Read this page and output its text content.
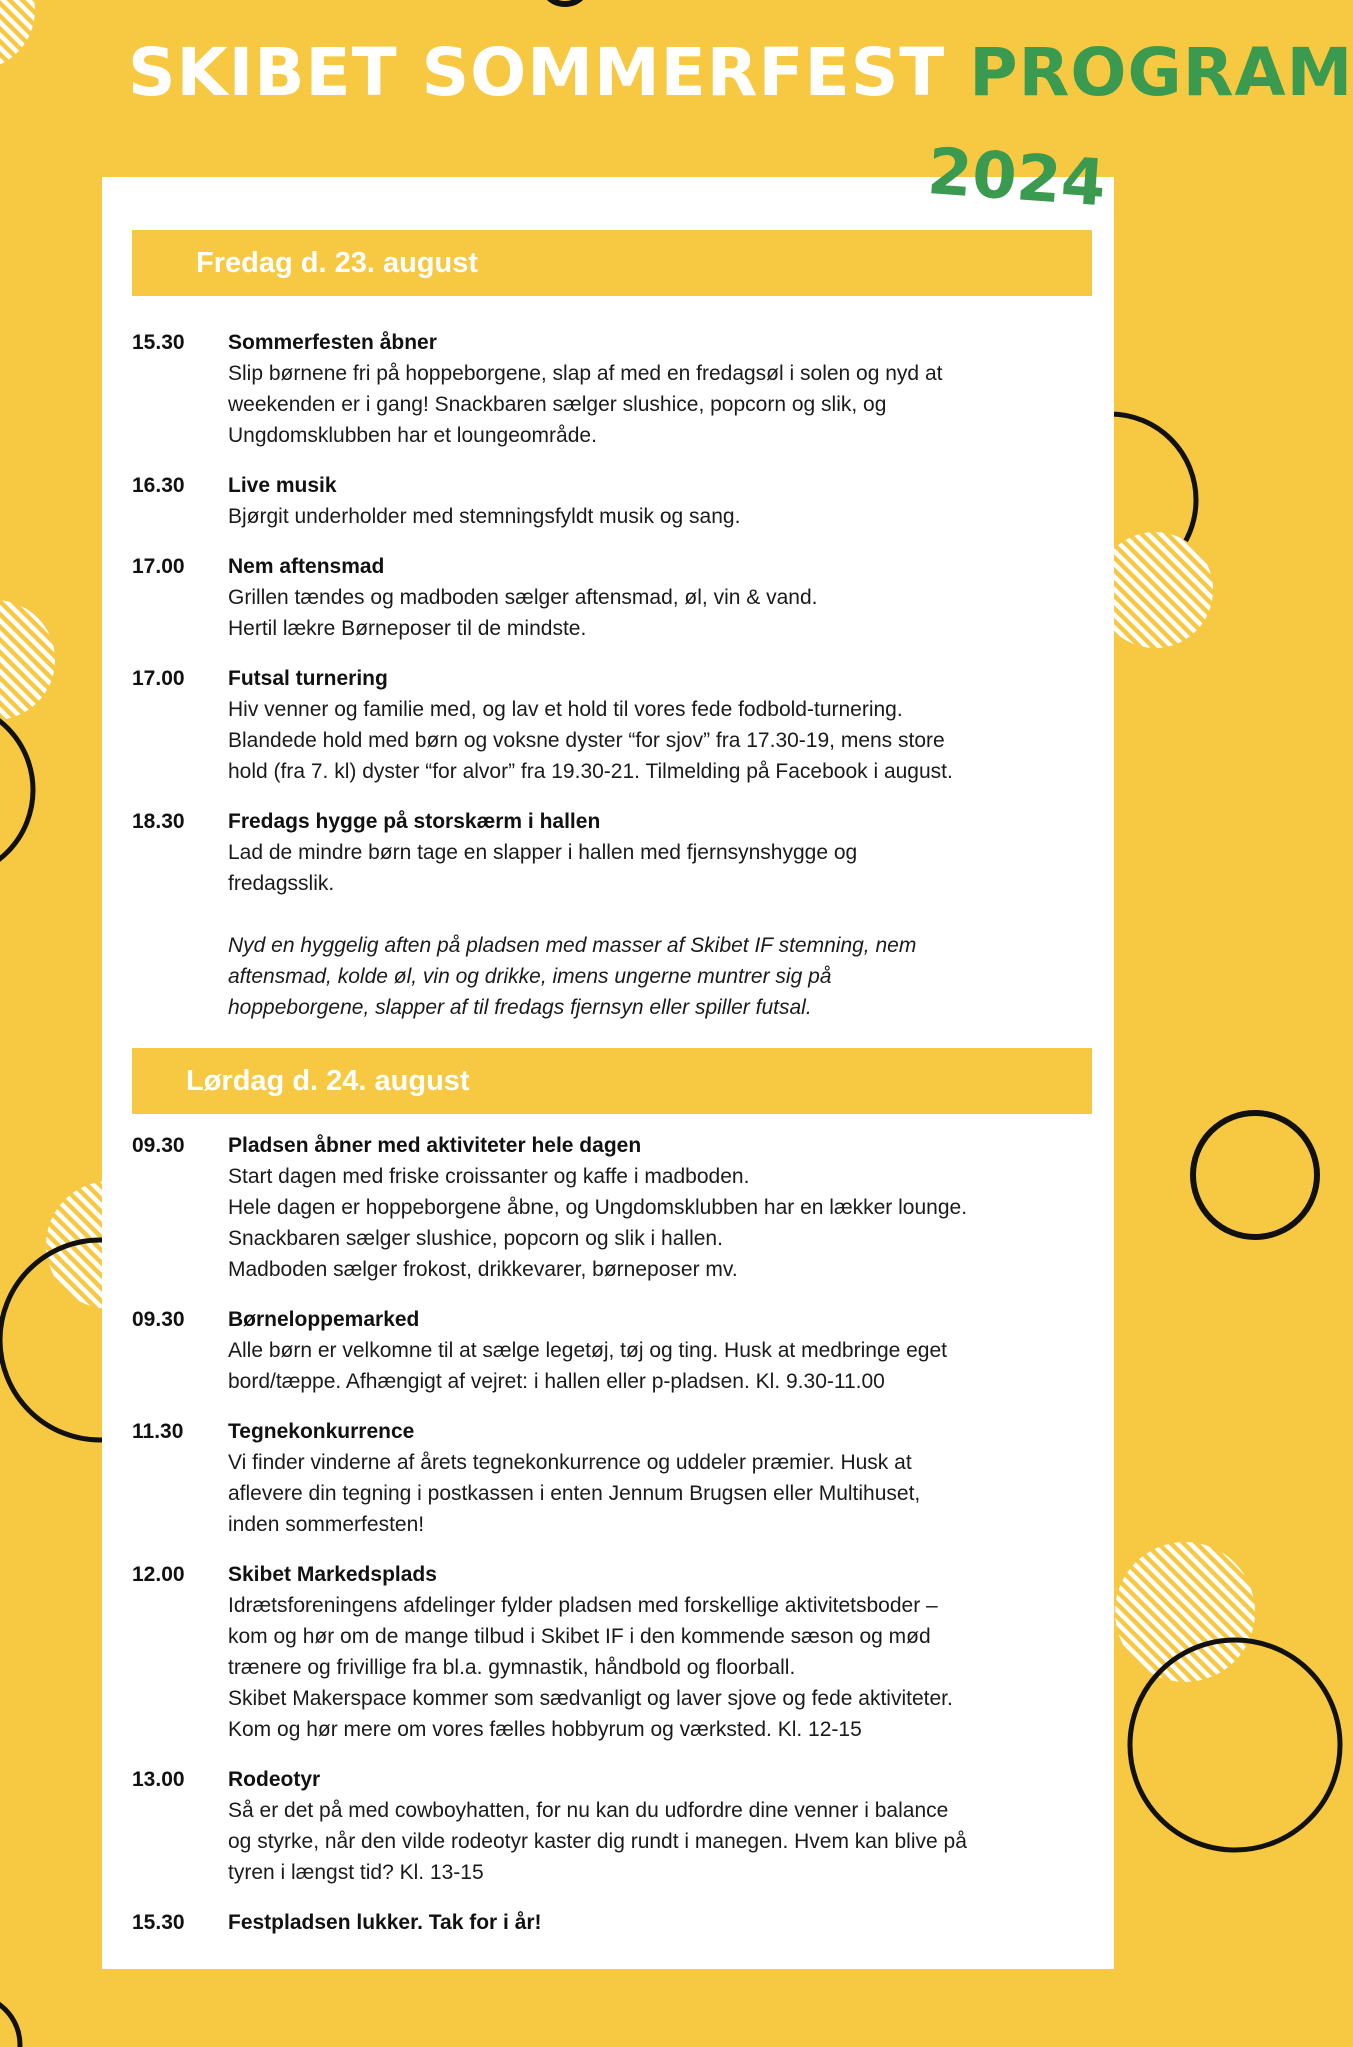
SKIBET SOMMERFEST PROGRAM
2024
Fredag d. 23. august
15.30	Sommerfesten åbner
Slip børnene fri på hoppeborgene, slap af med en fredagsøl i solen og nyd at
weekenden er i gang! Snackbaren sælger slushice, popcorn og slik, og
Ungdomsklubben har et loungeområde.
16.30	Live musik
Bjørgit underholder med stemningsfyldt musik og sang.
17.00	Nem aftensmad
Grillen tændes og madboden sælger aftensmad, øl, vin & vand.
Hertil lækre Børneposer til de mindste.
17.00	Futsal turnering
Hiv venner og familie med, og lav et hold til vores fede fodbold-turnering.
Blandede hold med børn og voksne dyster “for sjov” fra 17.30-19, mens store
hold (fra 7. kl) dyster “for alvor” fra 19.30-21. Tilmelding på Facebook i august.
18.30	Fredags hygge på storskærm i hallen
Lad de mindre børn tage en slapper i hallen med fjernsynshygge og
fredagsslik.
Nyd en hyggelig aften på pladsen med masser af Skibet IF stemning, nem
aftensmad, kolde øl, vin og drikke, imens ungerne muntrer sig på
hoppeborgene, slapper af til fredags fjernsyn eller spiller futsal.
Lørdag d. 24. august
09.30	Pladsen åbner med aktiviteter hele dagen
Start dagen med friske croissanter og kaffe i madboden.
Hele dagen er hoppeborgene åbne, og Ungdomsklubben har en lækker lounge.
Snackbaren sælger slushice, popcorn og slik i hallen.
Madboden sælger frokost, drikkevarer, børneposer mv.
09.30	Børneloppemarked
Alle børn er velkomne til at sælge legetøj, tøj og ting. Husk at medbringe eget
bord/tæppe. Afhængigt af vejret: i hallen eller p-pladsen. Kl. 9.30-11.00
11.30	Tegnekonkurrence
Vi finder vinderne af årets tegnekonkurrence og uddeler præmier. Husk at
aflevere din tegning i postkassen i enten Jennum Brugsen eller Multihuset,
inden sommerfesten!
12.00	Skibet Markedsplads
Idrætsforeningens afdelinger fylder pladsen med forskellige aktivitetsboder –
kom og hør om de mange tilbud i Skibet IF i den kommende sæson og mød
trænere og frivillige fra bl.a. gymnastik, håndbold og floorball.
Skibet Makerspace kommer som sædvanligt og laver sjove og fede aktiviteter.
Kom og hør mere om vores fælles hobbyrum og værksted. Kl. 12-15
13.00	Rodeotyr
Så er det på med cowboyhatten, for nu kan du udfordre dine venner i balance
og styrke, når den vilde rodeotyr kaster dig rundt i manegen. Hvem kan blive på
tyren i længst tid? Kl. 13-15
15.30	Festpladsen lukker. Tak for i år!
